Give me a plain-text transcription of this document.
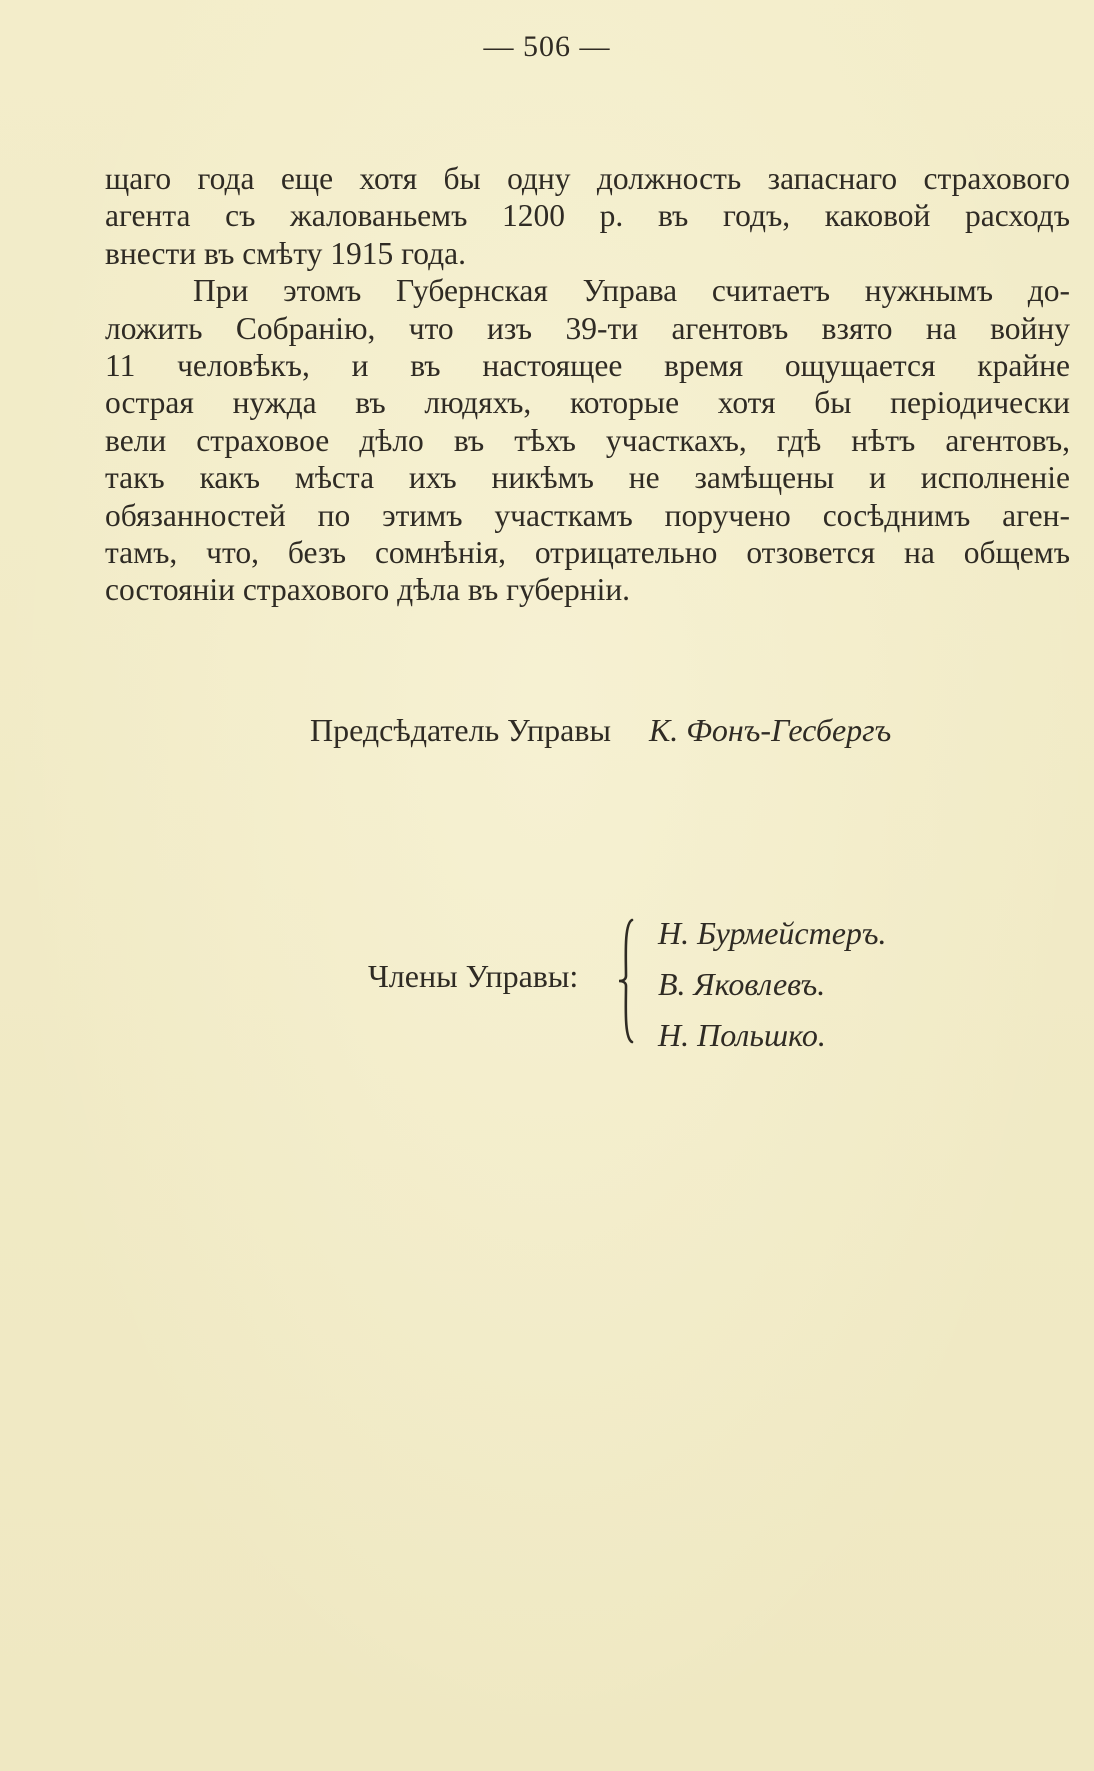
— 506 —
щаго года еще хотя бы одну должность запаснаго страхового
агента съ жалованьемъ 1200 р. въ годъ, каковой расходъ
внести въ смѣту 1915 года.
При этомъ Губернская Управа считаетъ нужнымъ до-
ложить Собранію, что изъ 39-ти агентовъ взято на войну
11 человѣкъ, и въ настоящее время ощущается крайне
острая нужда въ людяхъ, которые хотя бы періодически
вели страховое дѣло въ тѣхъ участкахъ, гдѣ нѣтъ агентовъ,
такъ какъ мѣста ихъ никѣмъ не замѣщены и исполненіе
обязанностей по этимъ участкамъ поручено сосѣднимъ аген-
тамъ, что, безъ сомнѣнія, отрицательно отзовется на общемъ
состояніи страхового дѣла въ губерніи.
Предсѣдатель Управы К. Фонъ-Гесбергъ
Члены Управы:
Н. Бурмейстеръ.
В. Яковлевъ.
Н. Польшко.
